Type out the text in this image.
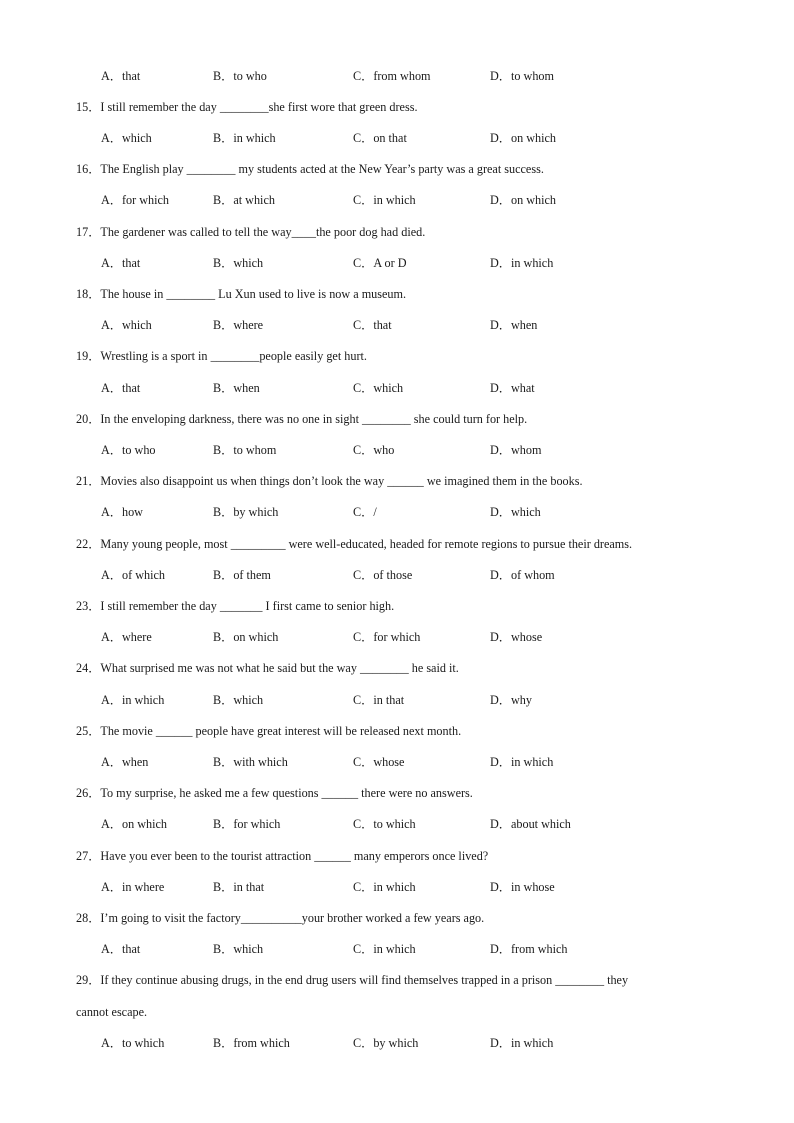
A．that	B．to who	C．from whom	D．to whom
15．I still remember the day ________she first wore that green dress.
A．which	B．in which	C．on that	D．on which
16．The English play ________ my students acted at the New Year’s party was a great success.
A．for which	B．at which	C．in which	D．on which
17．The gardener was called to tell the way____the poor dog had died.
A．that	B．which	C．A or D	D．in which
18．The house in ________ Lu Xun used to live is now a museum.
A．which	B．where	C．that	D．when
19．Wrestling is a sport in ________people easily get hurt.
A．that	B．when	C．which	D．what
20．In the enveloping darkness, there was no one in sight ________ she could turn for help.
A．to who	B．to whom	C．who	D．whom
21．Movies also disappoint us when things don’t look the way ______ we imagined them in the books.
A．how	B．by which	C．/	D．which
22．Many young people, most _________ were well-educated, headed for remote regions to pursue their dreams.
A．of which	B．of them	C．of those	D．of whom
23．I still remember the day _______ I first came to senior high.
A．where	B．on which	C．for which	D．whose
24．What surprised me was not what he said but the way ________ he said it.
A．in which	B．which	C．in that	D．why
25．The movie ______ people have great interest will be released next month.
A．when	B．with which	C．whose	D．in which
26．To my surprise, he asked me a few questions ______ there were no answers.
A．on which	B．for which	C．to which	D．about which
27．Have you ever been to the tourist attraction ______ many emperors once lived?
A．in where	B．in that	C．in which	D．in whose
28．I’m going to visit the factory__________your brother worked a few years ago.
A．that	B．which	C．in which	D．from which
29．If they continue abusing drugs, in the end drug users will find themselves trapped in a prison ________ they
cannot escape.
A．to which	B．from which	C．by which	D．in which
